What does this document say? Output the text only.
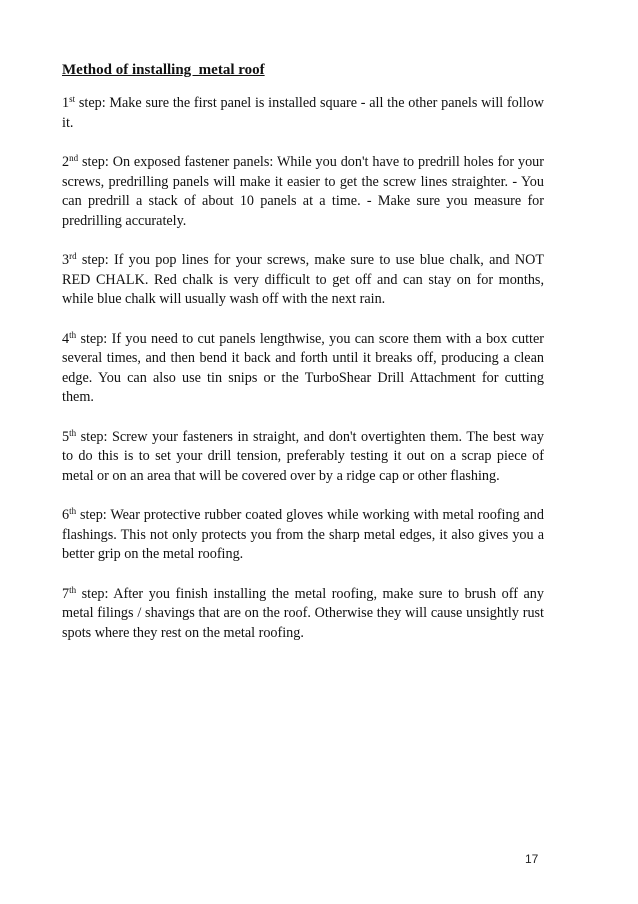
Method of installing  metal roof

1st step: Make sure the first panel is installed square - all the other panels will follow it.

2nd step: On exposed fastener panels: While you don't have to predrill holes for your screws, predrilling panels will make it easier to get the screw lines straighter. - You can predrill a stack of about 10 panels at a time. - Make sure you measure for predrilling accurately.

3rd step: If you pop lines for your screws, make sure to use blue chalk, and NOT RED CHALK. Red chalk is very difficult to get off and can stay on for months, while blue chalk will usually wash off with the next rain.

4th step: If you need to cut panels lengthwise, you can score them with a box cutter several times, and then bend it back and forth until it breaks off, producing a clean edge. You can also use tin snips or the TurboShear Drill Attachment for cutting them.

5th step: Screw your fasteners in straight, and don't overtighten them. The best way to do this is to set your drill tension, preferably testing it out on a scrap piece of metal or on an area that will be covered over by a ridge cap or other flashing.

6th step: Wear protective rubber coated gloves while working with metal roofing and flashings. This not only protects you from the sharp metal edges, it also gives you a better grip on the metal roofing.

7th step: After you finish installing the metal roofing, make sure to brush off any metal filings / shavings that are on the roof. Otherwise they will cause unsightly rust spots where they rest on the metal roofing.

17
